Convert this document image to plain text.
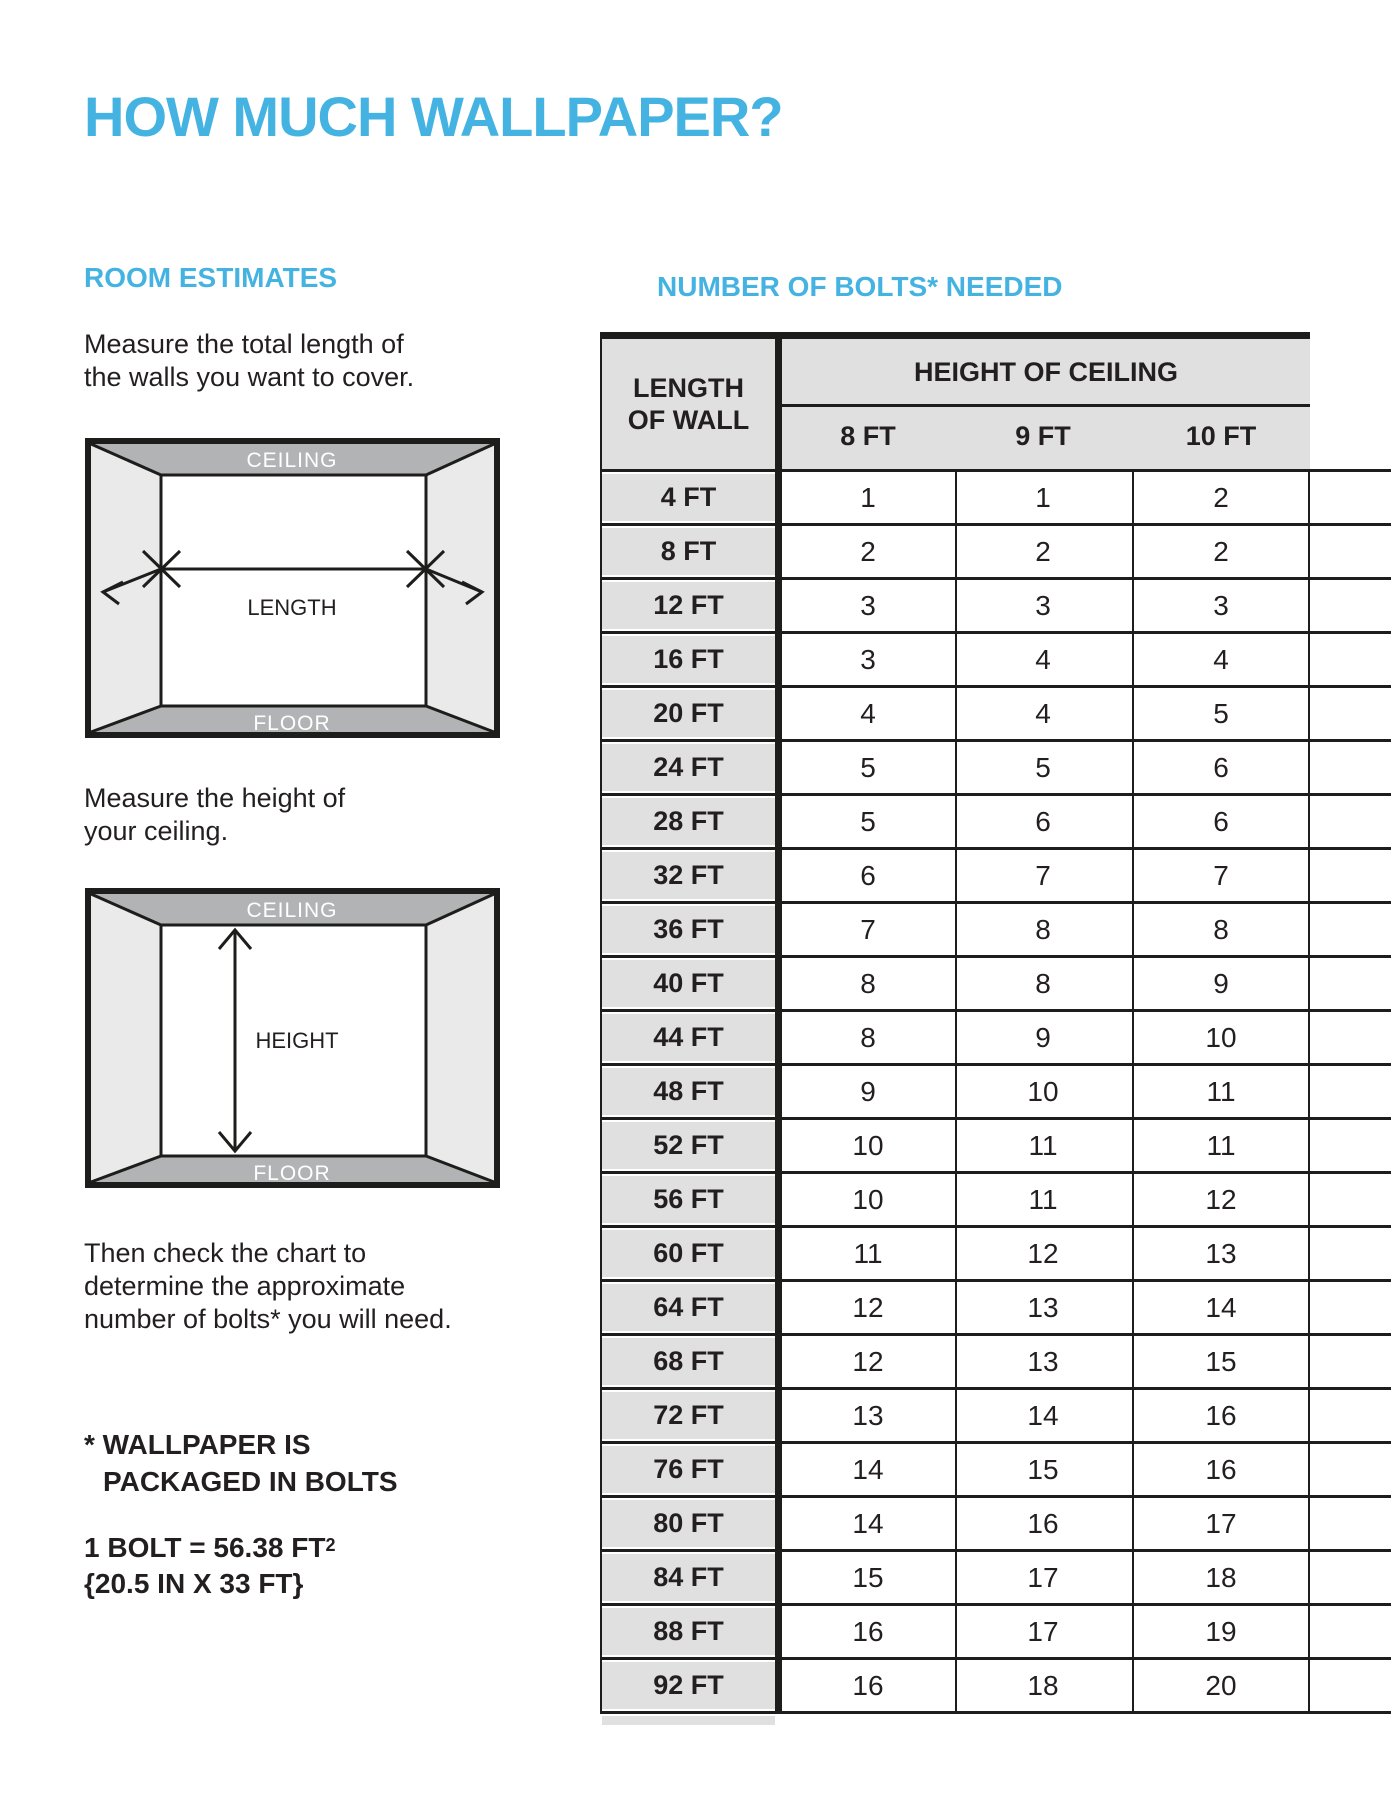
HOW MUCH WALLPAPER?
ROOM ESTIMATES
Measure the total length of
the walls you want to cover.
CEILING
FLOOR
LENGTH
Measure the height of
your ceiling.
CEILING
FLOOR
HEIGHT
Then check the chart to
determine the approximate
number of bolts* you will need.
* WALLPAPER IS
PACKAGED IN BOLTS
1 BOLT = 56.38 $FT^2$
{20.5 IN X 33 FT}
NUMBER OF BOLTS* NEEDED
LENGTH
OF WALL
HEIGHT OF CEILING
8 FT	9 FT	10 FT
4 FT	1	1	2
8 FT	2	2	2
12 FT	3	3	3
16 FT	3	4	4
20 FT	4	4	5
24 FT	5	5	6
28 FT	5	6	6
32 FT	6	7	7
36 FT	7	8	8
40 FT	8	8	9
44 FT	8	9	10
48 FT	9	10	11
52 FT	10	11	11
56 FT	10	11	12
60 FT	11	12	13
64 FT	12	13	14
68 FT	12	13	15
72 FT	13	14	16
76 FT	14	15	16
80 FT	14	16	17
84 FT	15	17	18
88 FT	16	17	19
92 FT	16	18	20
